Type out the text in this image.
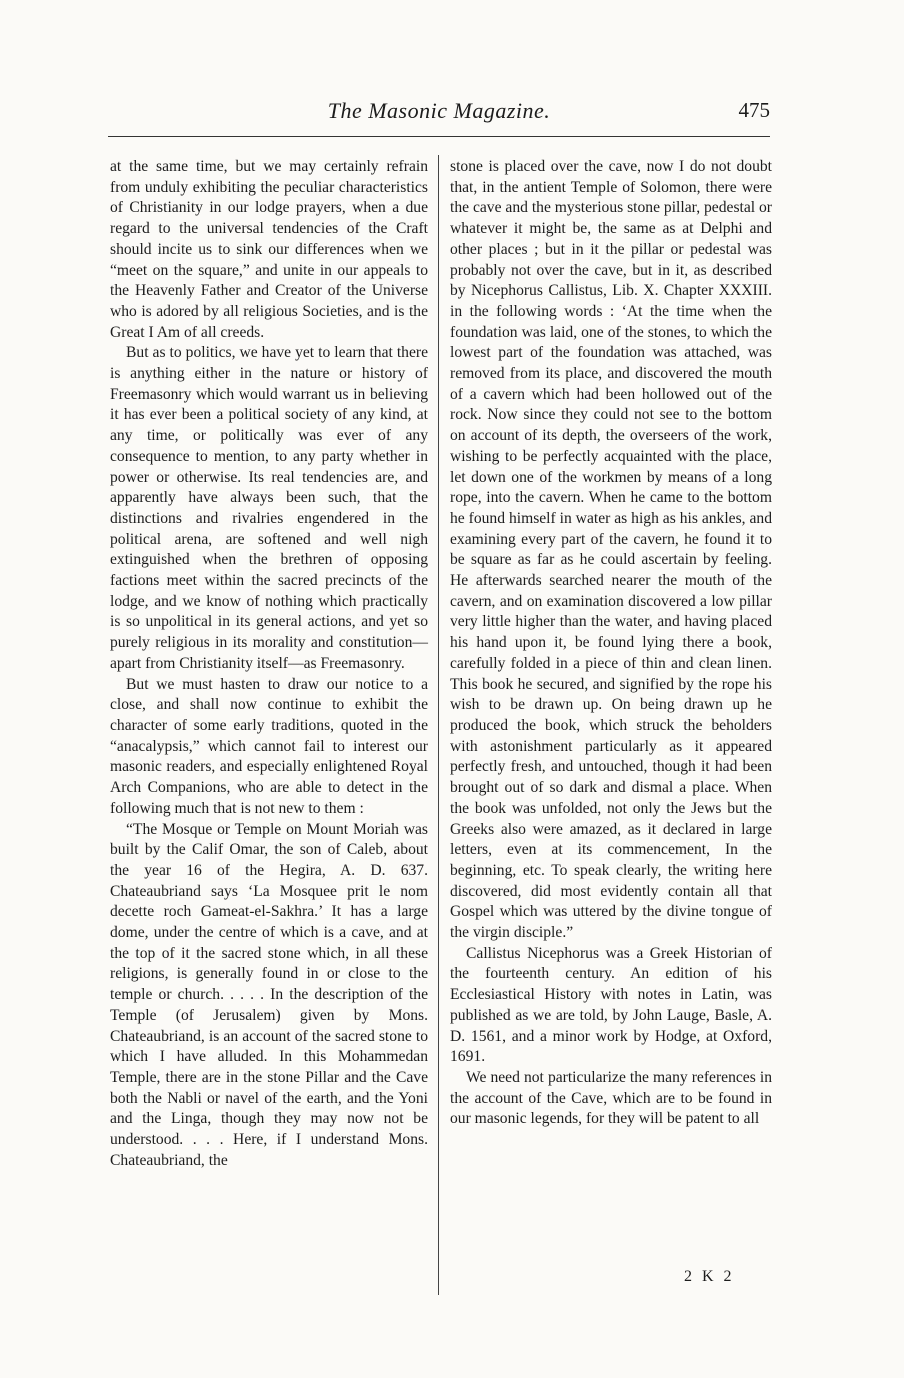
The Masonic Magazine.	475

at the same time, but we may certainly refrain from unduly exhibiting the peculiar characteristics of Christianity in our lodge prayers, when a due regard to the universal tendencies of the Craft should incite us to sink our differences when we “meet on the square,” and unite in our appeals to the Heavenly Father and Creator of the Universe who is adored by all religious Societies, and is the Great I Am of all creeds.

But as to politics, we have yet to learn that there is anything either in the nature or history of Freemasonry which would warrant us in believing it has ever been a political society of any kind, at any time, or politically was ever of any consequence to mention, to any party whether in power or otherwise. Its real tendencies are, and apparently have always been such, that the distinctions and rivalries engendered in the political arena, are softened and well nigh extinguished when the brethren of opposing factions meet within the sacred precincts of the lodge, and we know of nothing which practically is so unpolitical in its general actions, and yet so purely religious in its morality and constitution—apart from Christianity itself—as Freemasonry.

But we must hasten to draw our notice to a close, and shall now continue to exhibit the character of some early traditions, quoted in the “anacalypsis,” which cannot fail to interest our masonic readers, and especially enlightened Royal Arch Companions, who are able to detect in the following much that is not new to them :

“The Mosque or Temple on Mount Moriah was built by the Calif Omar, the son of Caleb, about the year 16 of the Hegira, A. D. 637. Chateaubriand says ‘La Mosquee prit le nom decette roch Gameat-el-Sakhra.’ It has a large dome, under the centre of which is a cave, and at the top of it the sacred stone which, in all these religions, is generally found in or close to the temple or church. . . . . In the description of the Temple (of Jerusalem) given by Mons. Chateaubriand, is an account of the sacred stone to which I have alluded. In this Mohammedan Temple, there are in the stone Pillar and the Cave both the Nabli or navel of the earth, and the Yoni and the Linga, though they may now not be understood. . . . Here, if I understand Mons. Chateaubriand, the

stone is placed over the cave, now I do not doubt that, in the antient Temple of Solomon, there were the cave and the mysterious stone pillar, pedestal or whatever it might be, the same as at Delphi and other places ; but in it the pillar or pedestal was probably not over the cave, but in it, as described by Nicephorus Callistus, Lib. X. Chapter XXXIII. in the following words : ‘At the time when the foundation was laid, one of the stones, to which the lowest part of the foundation was attached, was removed from its place, and discovered the mouth of a cavern which had been hollowed out of the rock. Now since they could not see to the bottom on account of its depth, the overseers of the work, wishing to be perfectly acquainted with the place, let down one of the workmen by means of a long rope, into the cavern. When he came to the bottom he found himself in water as high as his ankles, and examining every part of the cavern, he found it to be square as far as he could ascertain by feeling. He afterwards searched nearer the mouth of the cavern, and on examination discovered a low pillar very little higher than the water, and having placed his hand upon it, be found lying there a book, carefully folded in a piece of thin and clean linen. This book he secured, and signified by the rope his wish to be drawn up. On being drawn up he produced the book, which struck the beholders with astonishment particularly as it appeared perfectly fresh, and untouched, though it had been brought out of so dark and dismal a place. When the book was unfolded, not only the Jews but the Greeks also were amazed, as it declared in large letters, even at its commencement, In the beginning, etc. To speak clearly, the writing here discovered, did most evidently contain all that Gospel which was uttered by the divine tongue of the virgin disciple.”

Callistus Nicephorus was a Greek Historian of the fourteenth century. An edition of his Ecclesiastical History with notes in Latin, was published as we are told, by John Lauge, Basle, A. D. 1561, and a minor work by Hodge, at Oxford, 1691.

We need not particularize the many references in the account of the Cave, which are to be found in our masonic legends, for they will be patent to all

2 K 2
